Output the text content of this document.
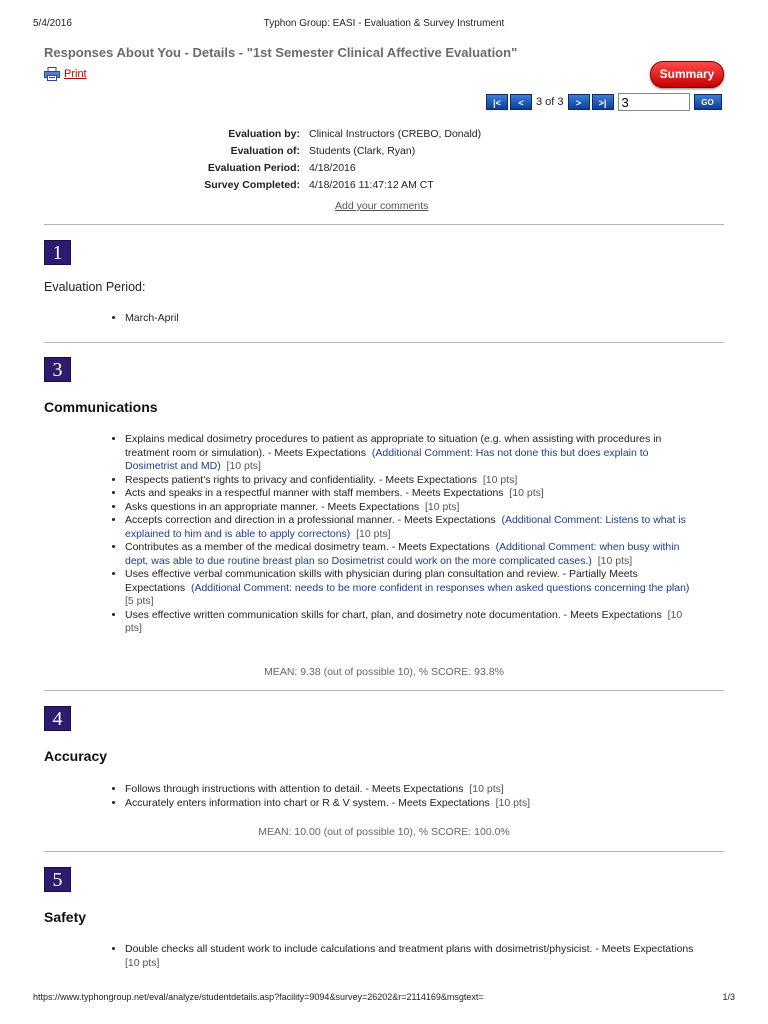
5/4/2016	Typhon Group: EASI - Evaluation & Survey Instrument
Responses About You - Details - "1st Semester Clinical Affective Evaluation"
Print	Summary
|<	<	3 of 3	>	>|
3	GO
Evaluation by: Clinical Instructors (CREBO, Donald)
Evaluation of: Students (Clark, Ryan)
Evaluation Period: 4/18/2016
Survey Completed: 4/18/2016 11:47:12 AM CT
Add your comments
1
Evaluation Period:
• March-April
3
Communications
• Explains medical dosimetry procedures to patient as appropriate to situation (e.g. when assisting with procedures in treatment room or simulation). - Meets Expectations (Additional Comment: Has not done this but does explain to Dosimetrist and MD) [10 pts]
• Respects patient's rights to privacy and confidentiality. - Meets Expectations [10 pts]
• Acts and speaks in a respectful manner with staff members. - Meets Expectations [10 pts]
• Asks questions in an appropriate manner. - Meets Expectations [10 pts]
• Accepts correction and direction in a professional manner. - Meets Expectations (Additional Comment: Listens to what is explained to him and is able to apply correctons) [10 pts]
• Contributes as a member of the medical dosimetry team. - Meets Expectations (Additional Comment: when busy within dept, was able to due routine breast plan so Dosimetrist could work on the more complicated cases.) [10 pts]
• Uses effective verbal communication skills with physician during plan consultation and review. - Partially Meets Expectations (Additional Comment: needs to be more confident in responses when asked questions concerning the plan)  [5 pts]
• Uses effective written communication skills for chart, plan, and dosimetry note documentation. - Meets Expectations [10 pts]
MEAN: 9.38 (out of possible 10), % SCORE: 93.8%
4
Accuracy
• Follows through instructions with attention to detail. - Meets Expectations [10 pts]
• Accurately enters information into chart or R & V system. - Meets Expectations [10 pts]
MEAN: 10.00 (out of possible 10), % SCORE: 100.0%
5
Safety
• Double checks all student work to include calculations and treatment plans with dosimetrist/physicist. - Meets Expectations  [10 pts]
https://www.typhongroup.net/eval/analyze/studentdetails.asp?facility=9094&survey=26202&r=2114169&msgtext=	1/3
